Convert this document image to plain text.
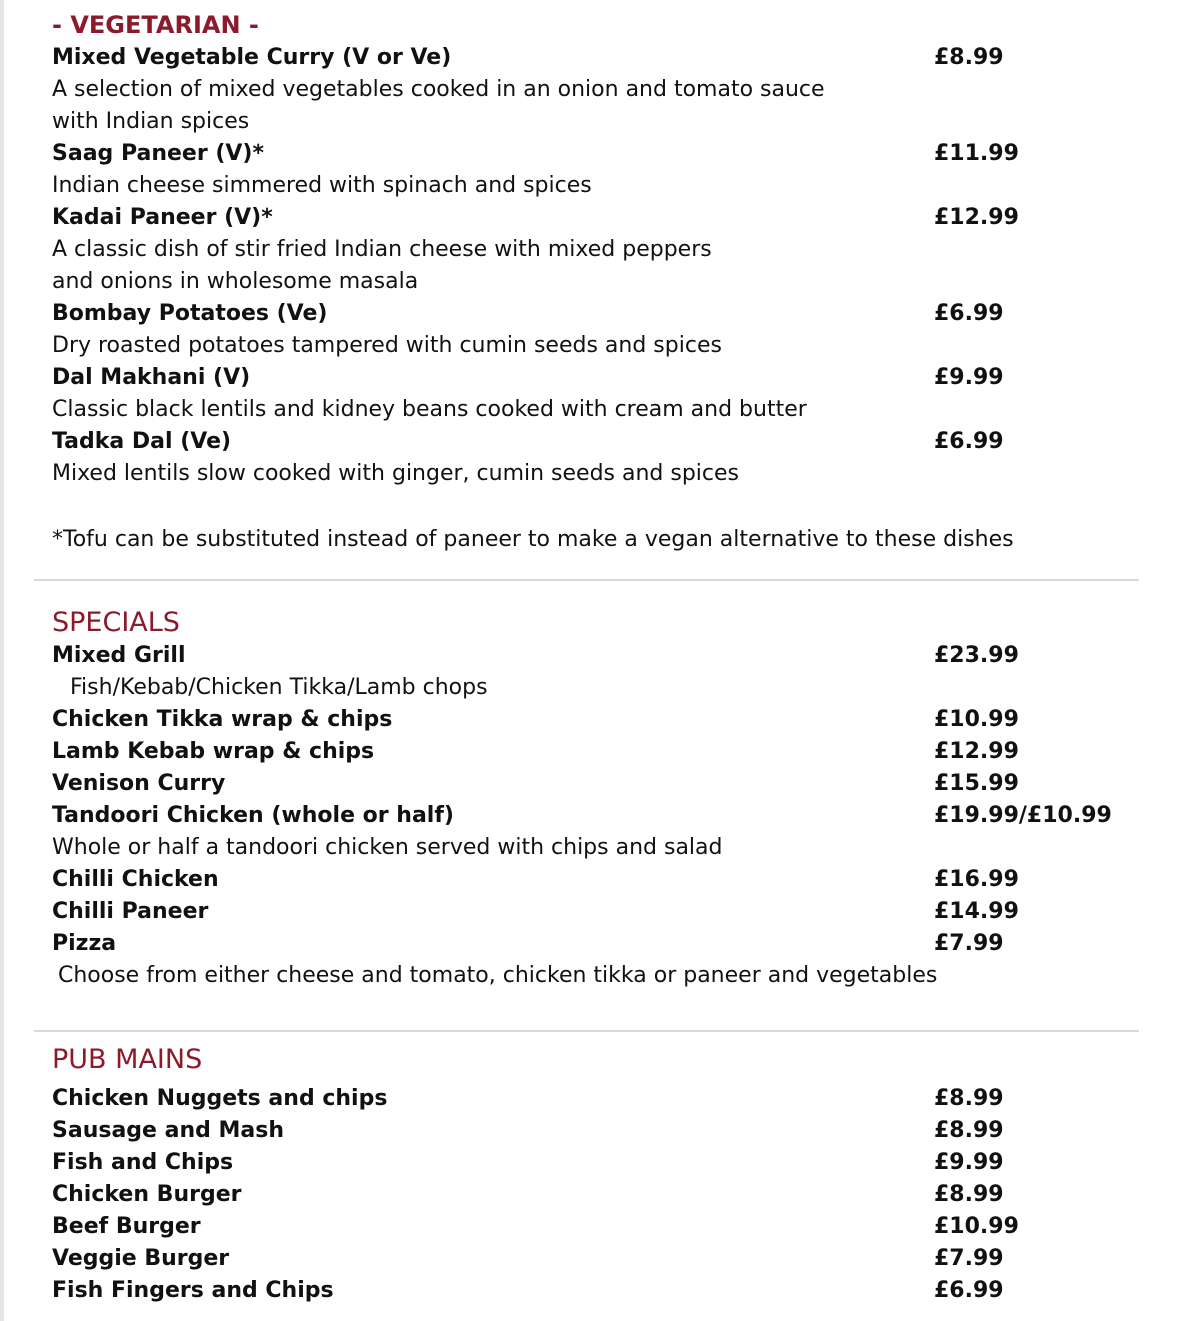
- VEGETARIAN -
Mixed Vegetable Curry (V or Ve)	£8.99
A selection of mixed vegetables cooked in an onion and tomato sauce
with Indian spices
Saag Paneer (V)*	£11.99
Indian cheese simmered with spinach and spices
Kadai Paneer (V)*	£12.99
A classic dish of stir fried Indian cheese with mixed peppers
and onions in wholesome masala
Bombay Potatoes (Ve)	£6.99
Dry roasted potatoes tampered with cumin seeds and spices
Dal Makhani (V)	£9.99
Classic black lentils and kidney beans cooked with cream and butter
Tadka Dal (Ve)	£6.99
Mixed lentils slow cooked with ginger, cumin seeds and spices
*Tofu can be substituted instead of paneer to make a vegan alternative to these dishes
SPECIALS
Mixed Grill	£23.99
Fish/Kebab/Chicken Tikka/Lamb chops
Chicken Tikka wrap & chips	£10.99
Lamb Kebab wrap & chips	£12.99
Venison Curry	£15.99
Tandoori Chicken (whole or half)	£19.99/£10.99
Whole or half a tandoori chicken served with chips and salad
Chilli Chicken	£16.99
Chilli Paneer	£14.99
Pizza	£7.99
Choose from either cheese and tomato, chicken tikka or paneer and vegetables
PUB MAINS
Chicken Nuggets and chips	£8.99
Sausage and Mash	£8.99
Fish and Chips	£9.99
Chicken Burger	£8.99
Beef Burger	£10.99
Veggie Burger	£7.99
Fish Fingers and Chips	£6.99
